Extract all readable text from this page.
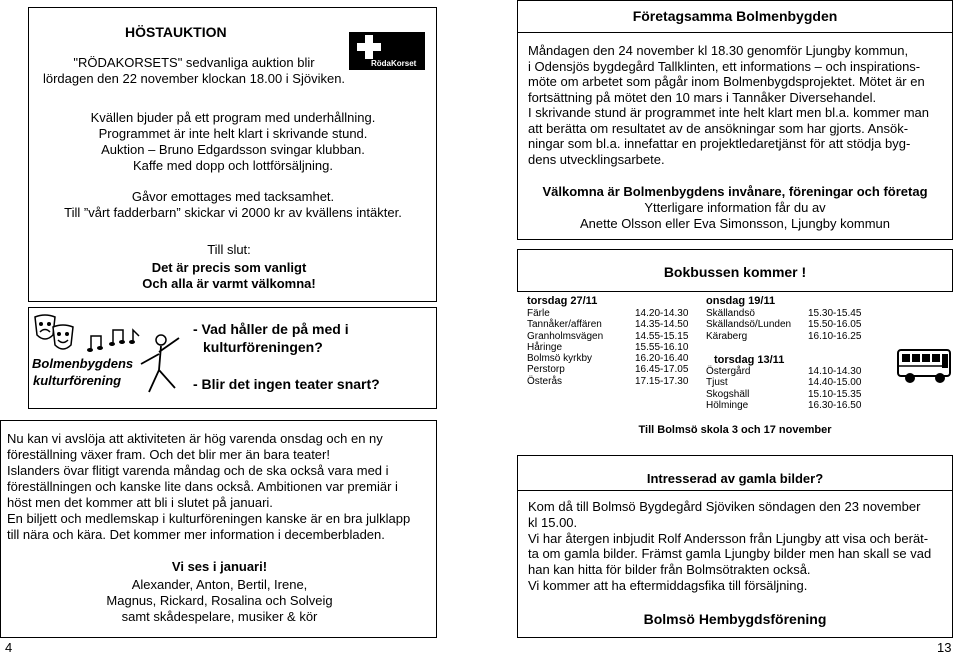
HÖSTAUKTION
"RÖDAKORSETS" sedvanliga auktion blir
lördagen den 22 november klockan 18.00 i Sjöviken.
Kvällen bjuder på ett program med underhållning.
Programmet är inte helt klart i skrivande stund.
Auktion – Bruno Edgardsson svingar klubban.
Kaffe med dopp och lottförsäljning.
Gåvor emottages med tacksamhet.
Till ”vårt fadderbarn” skickar vi 2000 kr av kvällens intäkter.
Till slut:
Det är precis som vanligt
Och alla är varmt välkomna!
RödaKorset
Bolmenbygdens
kulturförening
- Vad håller de på med i
kulturföreningen?
- Blir det ingen teater snart?
Nu kan vi avslöja att aktiviteten är hög varenda onsdag och en ny
föreställning växer fram. Och det blir mer än bara teater!
Islanders övar flitigt varenda måndag och de ska också vara med i
föreställningen och kanske lite dans också. Ambitionen var premiär i
höst men det kommer att bli i slutet på januari.
En biljett och medlemskap i kulturföreningen kanske är en bra julklapp
till nära och kära. Det kommer mer information i decemberbladen.
Vi ses i januari!
Alexander, Anton, Bertil, Irene,
Magnus, Rickard, Rosalina och Solveig
samt skådespelare, musiker & kör
4
Företagsamma Bolmenbygden
Måndagen den 24 november kl 18.30 genomför Ljungby kommun,
i Odensjös bygdegård Tallklinten, ett informations – och inspirations-
möte om arbetet som pågår inom Bolmenbygdsprojektet. Mötet är en
fortsättning på mötet den 10 mars i Tannåker Diversehandel.
I skrivande stund är programmet inte helt klart men bl.a. kommer man
att berätta om resultatet av de ansökningar som har gjorts. Ansök-
ningar som bl.a. innefattar en projektledaretjänst för att stödja byg-
dens utvecklingsarbete.
Välkomna är Bolmenbygdens invånare, föreningar och företag
Ytterligare information får du av
Anette Olsson eller Eva Simonsson, Ljungby kommun
Bokbussen kommer !
torsdag 27/11
Färle	14.20-14.30
Tannåker/affären	14.35-14.50
Granholmsvägen	14.55-15.15
Håringe	15.55-16.10
Bolmsö kyrkby	16.20-16.40
Perstorp	16.45-17.05
Österås	17.15-17.30
onsdag 19/11
Skällandsö	15.30-15.45
Skällandsö/Lunden	15.50-16.05
Käraberg	16.10-16.25
torsdag 13/11
Östergård	14.10-14.30
Tjust	14.40-15.00
Skogshäll	15.10-15.35
Hölminge	16.30-16.50
Till Bolmsö skola 3 och 17 november
Intresserad av gamla bilder?
Kom då till Bolmsö Bygdegård Sjöviken söndagen den 23 november
kl 15.00.
Vi har återgen inbjudit Rolf Andersson från Ljungby att visa och berät-
ta om gamla bilder. Främst gamla Ljungby bilder men han skall se vad
han kan hitta för bilder från Bolmsötrakten också.
Vi kommer att ha eftermiddagsfika till försäljning.
Bolmsö Hembygdsförening
13
